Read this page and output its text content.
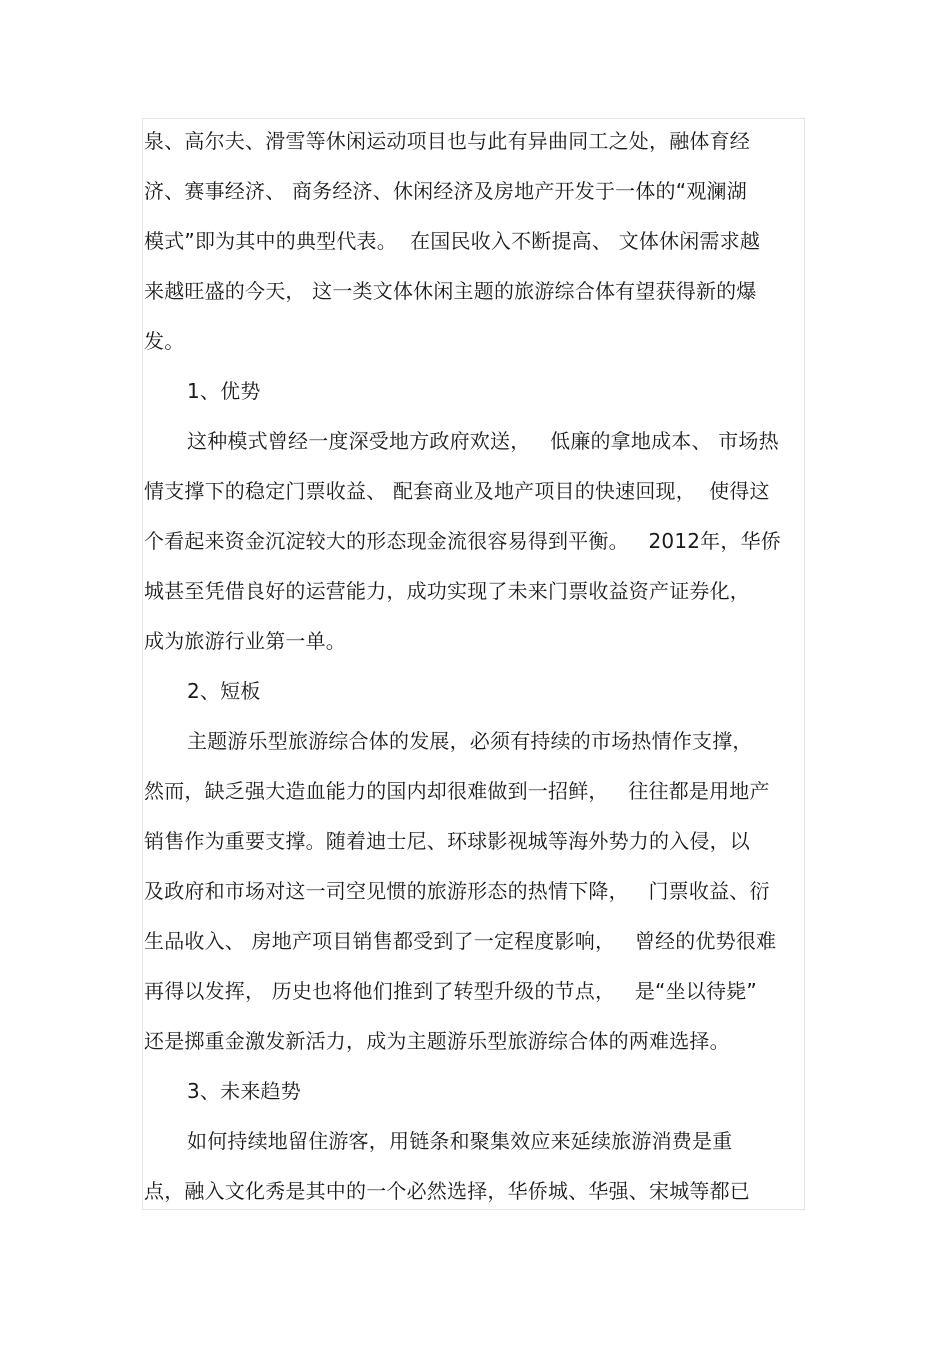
泉、高尔夫、滑雪等休闲运动项目也与此有异曲同工之处，融体育经
济、赛事经济、 商务经济、休闲经济及房地产开发于一体的“观澜湖
模式”即为其中的典型代表。  在国民收入不断提高、 文体休闲需求越
来越旺盛的今天， 这一类文体休闲主题的旅游综合体有望获得新的爆
发。
1、优势
这种模式曾经一度深受地方政府欢送，   低廉的拿地成本、 市场热
情支撑下的稳定门票收益、 配套商业及地产项目的快速回现，  使得这
个看起来资金沉淀较大的形态现金流很容易得到平衡。   2012年，华侨
城甚至凭借良好的运营能力，成功实现了未来门票收益资产证券化，
成为旅游行业第一单。
2、短板
主题游乐型旅游综合体的发展，必须有持续的市场热情作支撑，
然而，缺乏强大造血能力的国内却很难做到一招鲜，   往往都是用地产
销售作为重要支撑。随着迪士尼、环球影视城等海外势力的入侵，以
及政府和市场对这一司空见惯的旅游形态的热情下降，   门票收益、衍
生品收入、 房地产项目销售都受到了一定程度影响，   曾经的优势很难
再得以发挥， 历史也将他们推到了转型升级的节点，   是“坐以待毙”
还是掷重金激发新活力，成为主题游乐型旅游综合体的两难选择。
3、未来趋势
如何持续地留住游客，用链条和聚集效应来延续旅游消费是重
点，融入文化秀是其中的一个必然选择，华侨城、华强、宋城等都已
